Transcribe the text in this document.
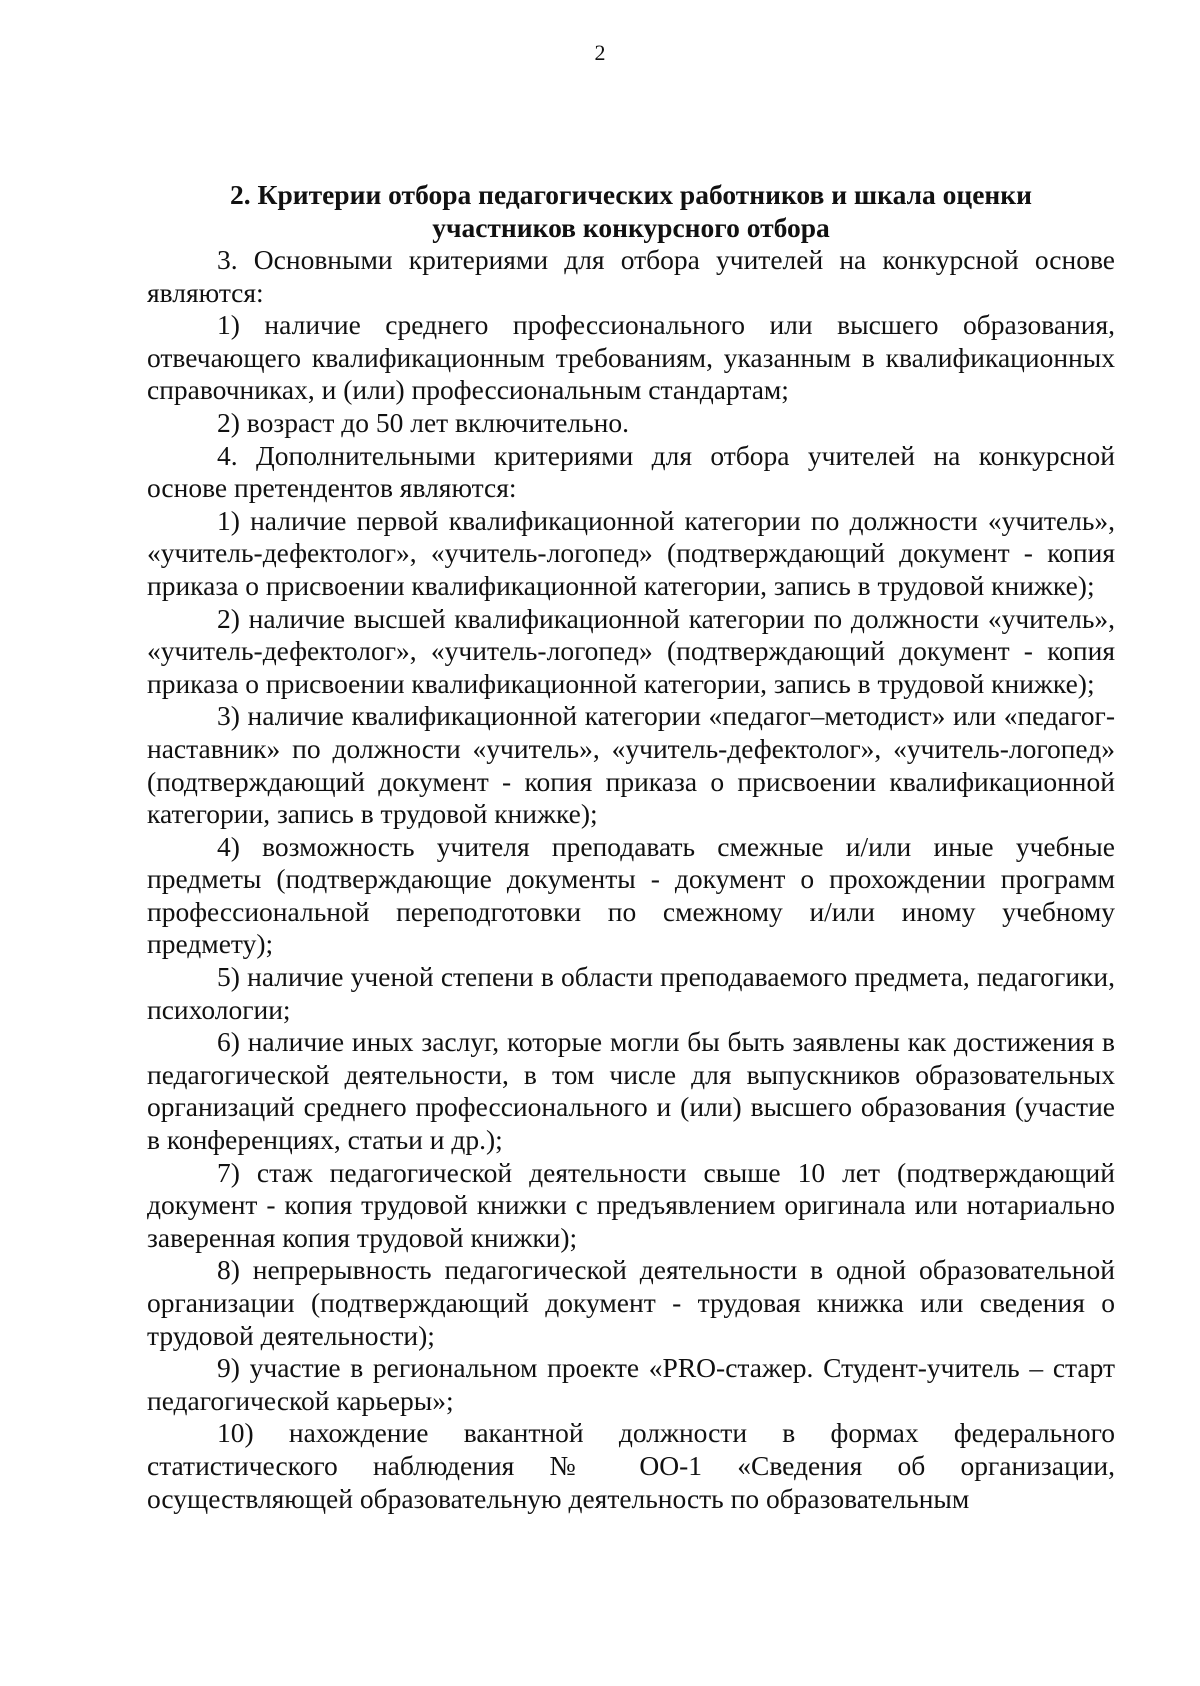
2
2. Критерии отбора педагогических работников и шкала оценки
участников конкурсного отбора

3. Основными критериями для отбора учителей на конкурсной основе являются:

1) наличие среднего профессионального или высшего образования, отвечающего квалификационным требованиям, указанным в квалификационных справочниках, и (или) профессиональным стандартам;

2) возраст до 50 лет включительно.

4. Дополнительными критериями для отбора учителей на конкурсной основе претендентов являются:

1) наличие первой квалификационной категории по должности «учитель», «учитель-дефектолог», «учитель-логопед» (подтверждающий документ - копия приказа о присвоении квалификационной категории, запись в трудовой книжке);

2) наличие высшей квалификационной категории по должности «учитель», «учитель-дефектолог», «учитель-логопед» (подтверждающий документ - копия приказа о присвоении квалификационной категории, запись в трудовой книжке);

3) наличие квалификационной категории «педагог–методист» или «педагог-наставник» по должности «учитель», «учитель-дефектолог», «учитель-логопед» (подтверждающий документ - копия приказа о присвоении квалификационной категории, запись в трудовой книжке);

4) возможность учителя преподавать смежные и/или иные учебные предметы (подтверждающие документы - документ о прохождении программ профессиональной переподготовки по смежному и/или иному учебному предмету);

5) наличие ученой степени в области преподаваемого предмета, педагогики, психологии;

6) наличие иных заслуг, которые могли бы быть заявлены как достижения в педагогической деятельности, в том числе для выпускников образовательных организаций среднего профессионального и (или) высшего образования (участие в конференциях, статьи и др.);

7) стаж педагогической деятельности свыше 10 лет (подтверждающий документ - копия трудовой книжки с предъявлением оригинала или нотариально заверенная копия трудовой книжки);

8) непрерывность педагогической деятельности в одной образовательной организации (подтверждающий документ - трудовая книжка или сведения о трудовой деятельности);

9) участие в региональном проекте «PRO-стажер. Студент-учитель – старт педагогической карьеры»;

10) нахождение вакантной должности в формах федерального статистического наблюдения № ОО-1 «Сведения об организации, осуществляющей образовательную деятельность по образовательным
